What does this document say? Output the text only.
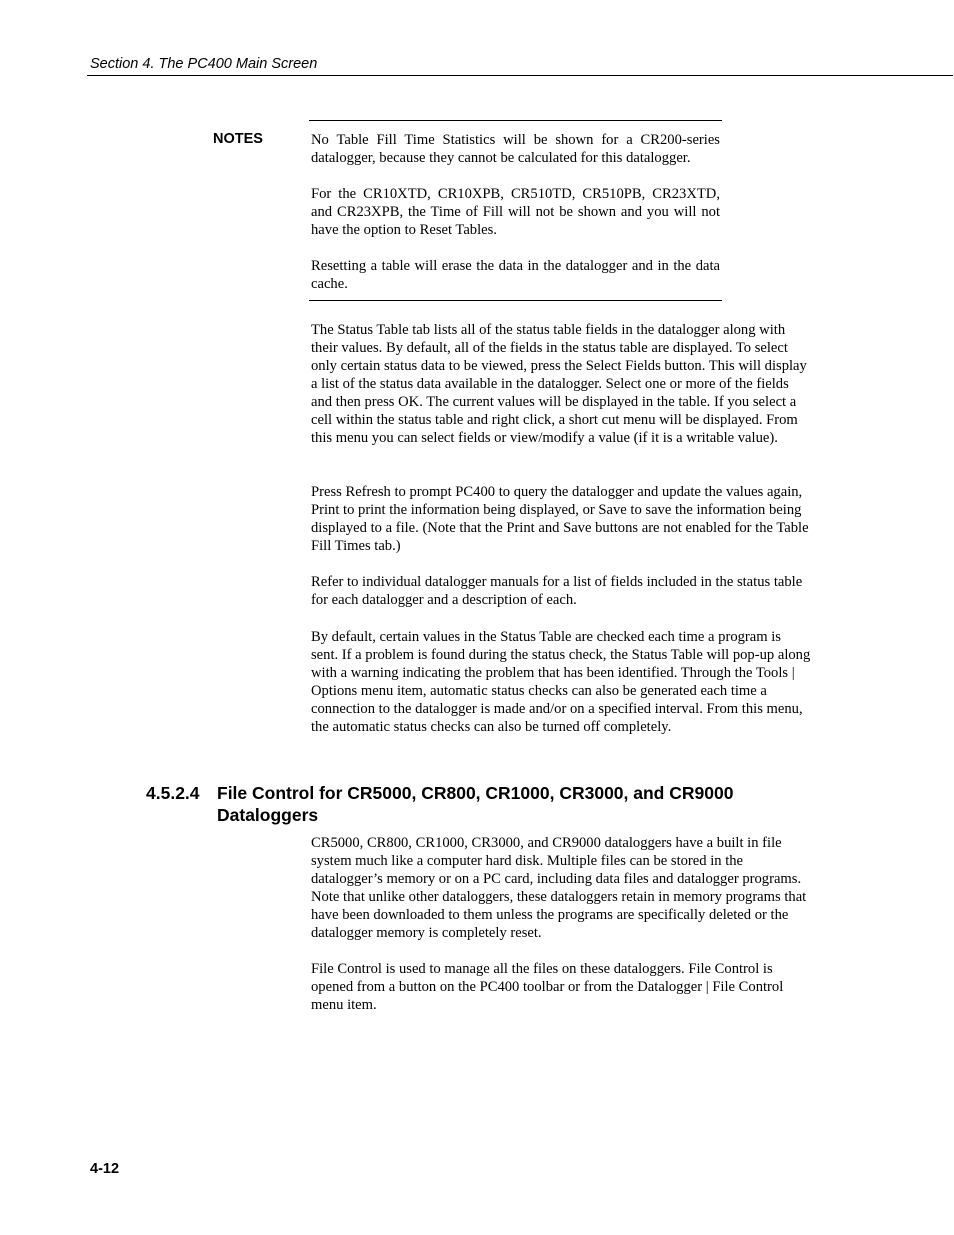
Section 4. The PC400 Main Screen
NOTES	No Table Fill Time Statistics will be shown for a CR200-series datalogger, because they cannot be calculated for this datalogger.

For the CR10XTD, CR10XPB, CR510TD, CR510PB, CR23XTD, and CR23XPB, the Time of Fill will not be shown and you will not have the option to Reset Tables.

Resetting a table will erase the data in the datalogger and in the data cache.

The Status Table tab lists all of the status table fields in the datalogger along with their values. By default, all of the fields in the status table are displayed. To select only certain status data to be viewed, press the Select Fields button. This will display a list of the status data available in the datalogger. Select one or more of the fields and then press OK. The current values will be displayed in the table. If you select a cell within the status table and right click, a short cut menu will be displayed. From this menu you can select fields or view/modify a value (if it is a writable value).

Press Refresh to prompt PC400 to query the datalogger and update the values again, Print to print the information being displayed, or Save to save the information being displayed to a file. (Note that the Print and Save buttons are not enabled for the Table Fill Times tab.)

Refer to individual datalogger manuals for a list of fields included in the status table for each datalogger and a description of each.

By default, certain values in the Status Table are checked each time a program is sent. If a problem is found during the status check, the Status Table will pop-up along with a warning indicating the problem that has been identified. Through the Tools | Options menu item, automatic status checks can also be generated each time a connection to the datalogger is made and/or on a specified interval. From this menu, the automatic status checks can also be turned off completely.

4.5.2.4 File Control for CR5000, CR800, CR1000, CR3000, and CR9000 Dataloggers

CR5000, CR800, CR1000, CR3000, and CR9000 dataloggers have a built in file system much like a computer hard disk. Multiple files can be stored in the datalogger’s memory or on a PC card, including data files and datalogger programs. Note that unlike other dataloggers, these dataloggers retain in memory programs that have been downloaded to them unless the programs are specifically deleted or the datalogger memory is completely reset.

File Control is used to manage all the files on these dataloggers. File Control is opened from a button on the PC400 toolbar or from the Datalogger | File Control menu item.

4-12
